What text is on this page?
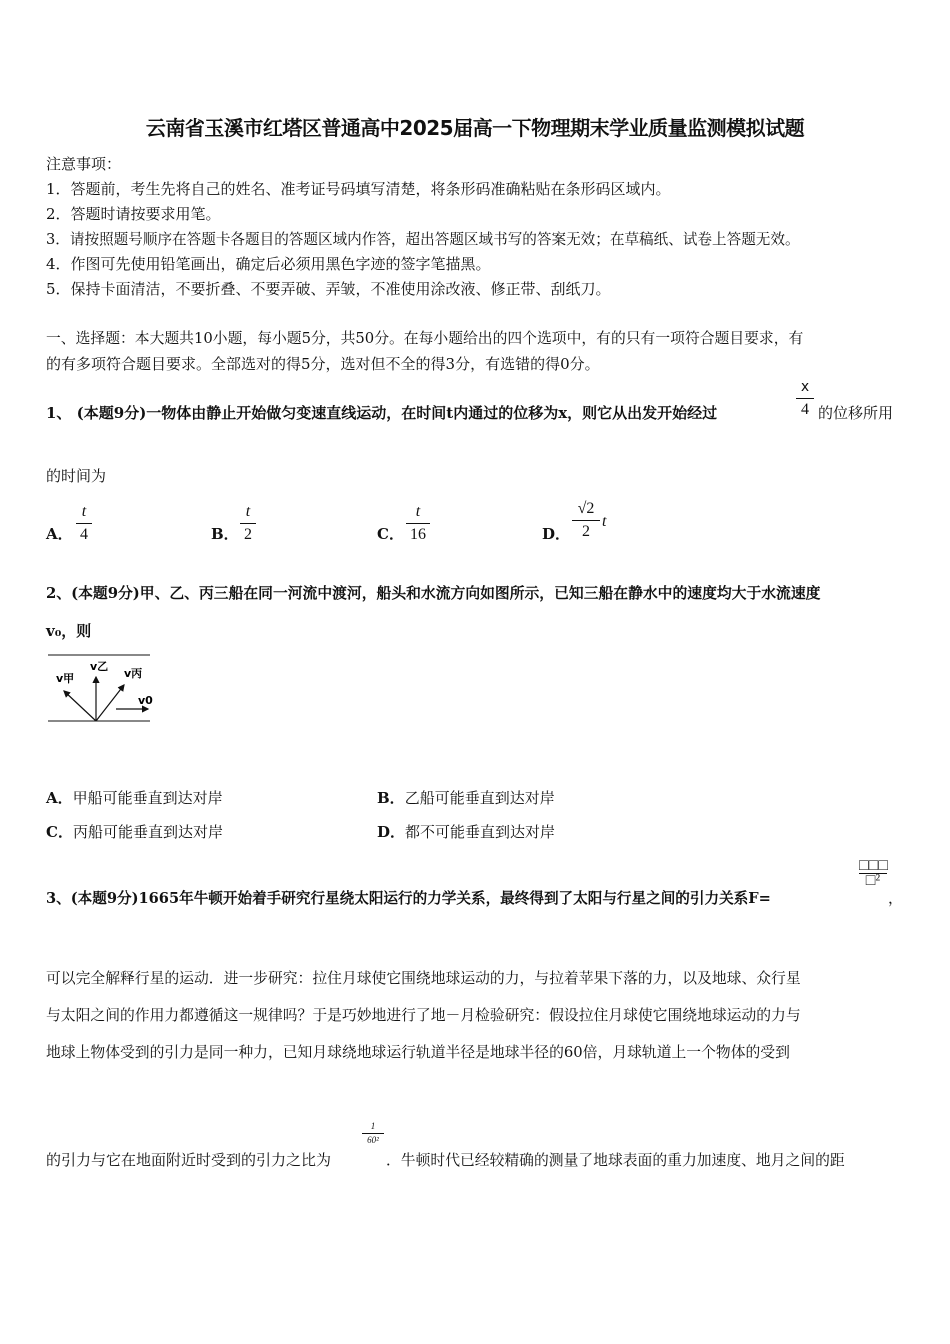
云南省玉溪市红塔区普通高中2025届高一下物理期末学业质量监测模拟试题
注意事项：
1．答题前，考生先将自己的姓名、准考证号码填写清楚，将条形码准确粘贴在条形码区域内。
2．答题时请按要求用笔。
3．请按照题号顺序在答题卡各题目的答题区域内作答，超出答题区域书写的答案无效；在草稿纸、试卷上答题无效。
4．作图可先使用铅笔画出，确定后必须用黑色字迹的签字笔描黑。
5．保持卡面清洁，不要折叠、不要弄破、弄皱，不准使用涂改液、修正带、刮纸刀。
一、选择题：本大题共10小题，每小题5分，共50分。在每小题给出的四个选项中，有的只有一项符合题目要求，有
的有多项符合题目要求。全部选对的得5分，选对但不全的得3分，有选错的得0分。
1、 (本题9分)一物体由静止开始做匀变速直线运动，在时间t内通过的位移为x，则它从出发开始经过
x
4 的位移所用
的时间为
A．
t
4	B．
t
2	C．
t
16	D．
√2
2
t
2、(本题9分)甲、乙、丙三船在同一河流中渡河，船头和水流方向如图所示，已知三船在静水中的速度均大于水流速度
v₀，则
v甲
v乙
v丙
v0
A．甲船可能垂直到达对岸	B．乙船可能垂直到达对岸
C．丙船可能垂直到达对岸	D．都不可能垂直到达对岸
3、(本题9分)1665年牛顿开始着手研究行星绕太阳运行的力学关系，最终得到了太阳与行星之间的引力关系F=
□□□
□²
，
可以完全解释行星的运动．进一步研究：拉住月球使它围绕地球运动的力，与拉着苹果下落的力，以及地球、众行星
与太阳之间的作用力都遵循这一规律吗？于是巧妙地进行了地－月检验研究：假设拉住月球使它围绕地球运动的力与
地球上物体受到的引力是同一种力，已知月球绕地球运行轨道半径是地球半径的60倍，月球轨道上一个物体的受到
的引力与它在地面附近时受到的引力之比为
1
60²
．牛顿时代已经较精确的测量了地球表面的重力加速度、地月之间的距
